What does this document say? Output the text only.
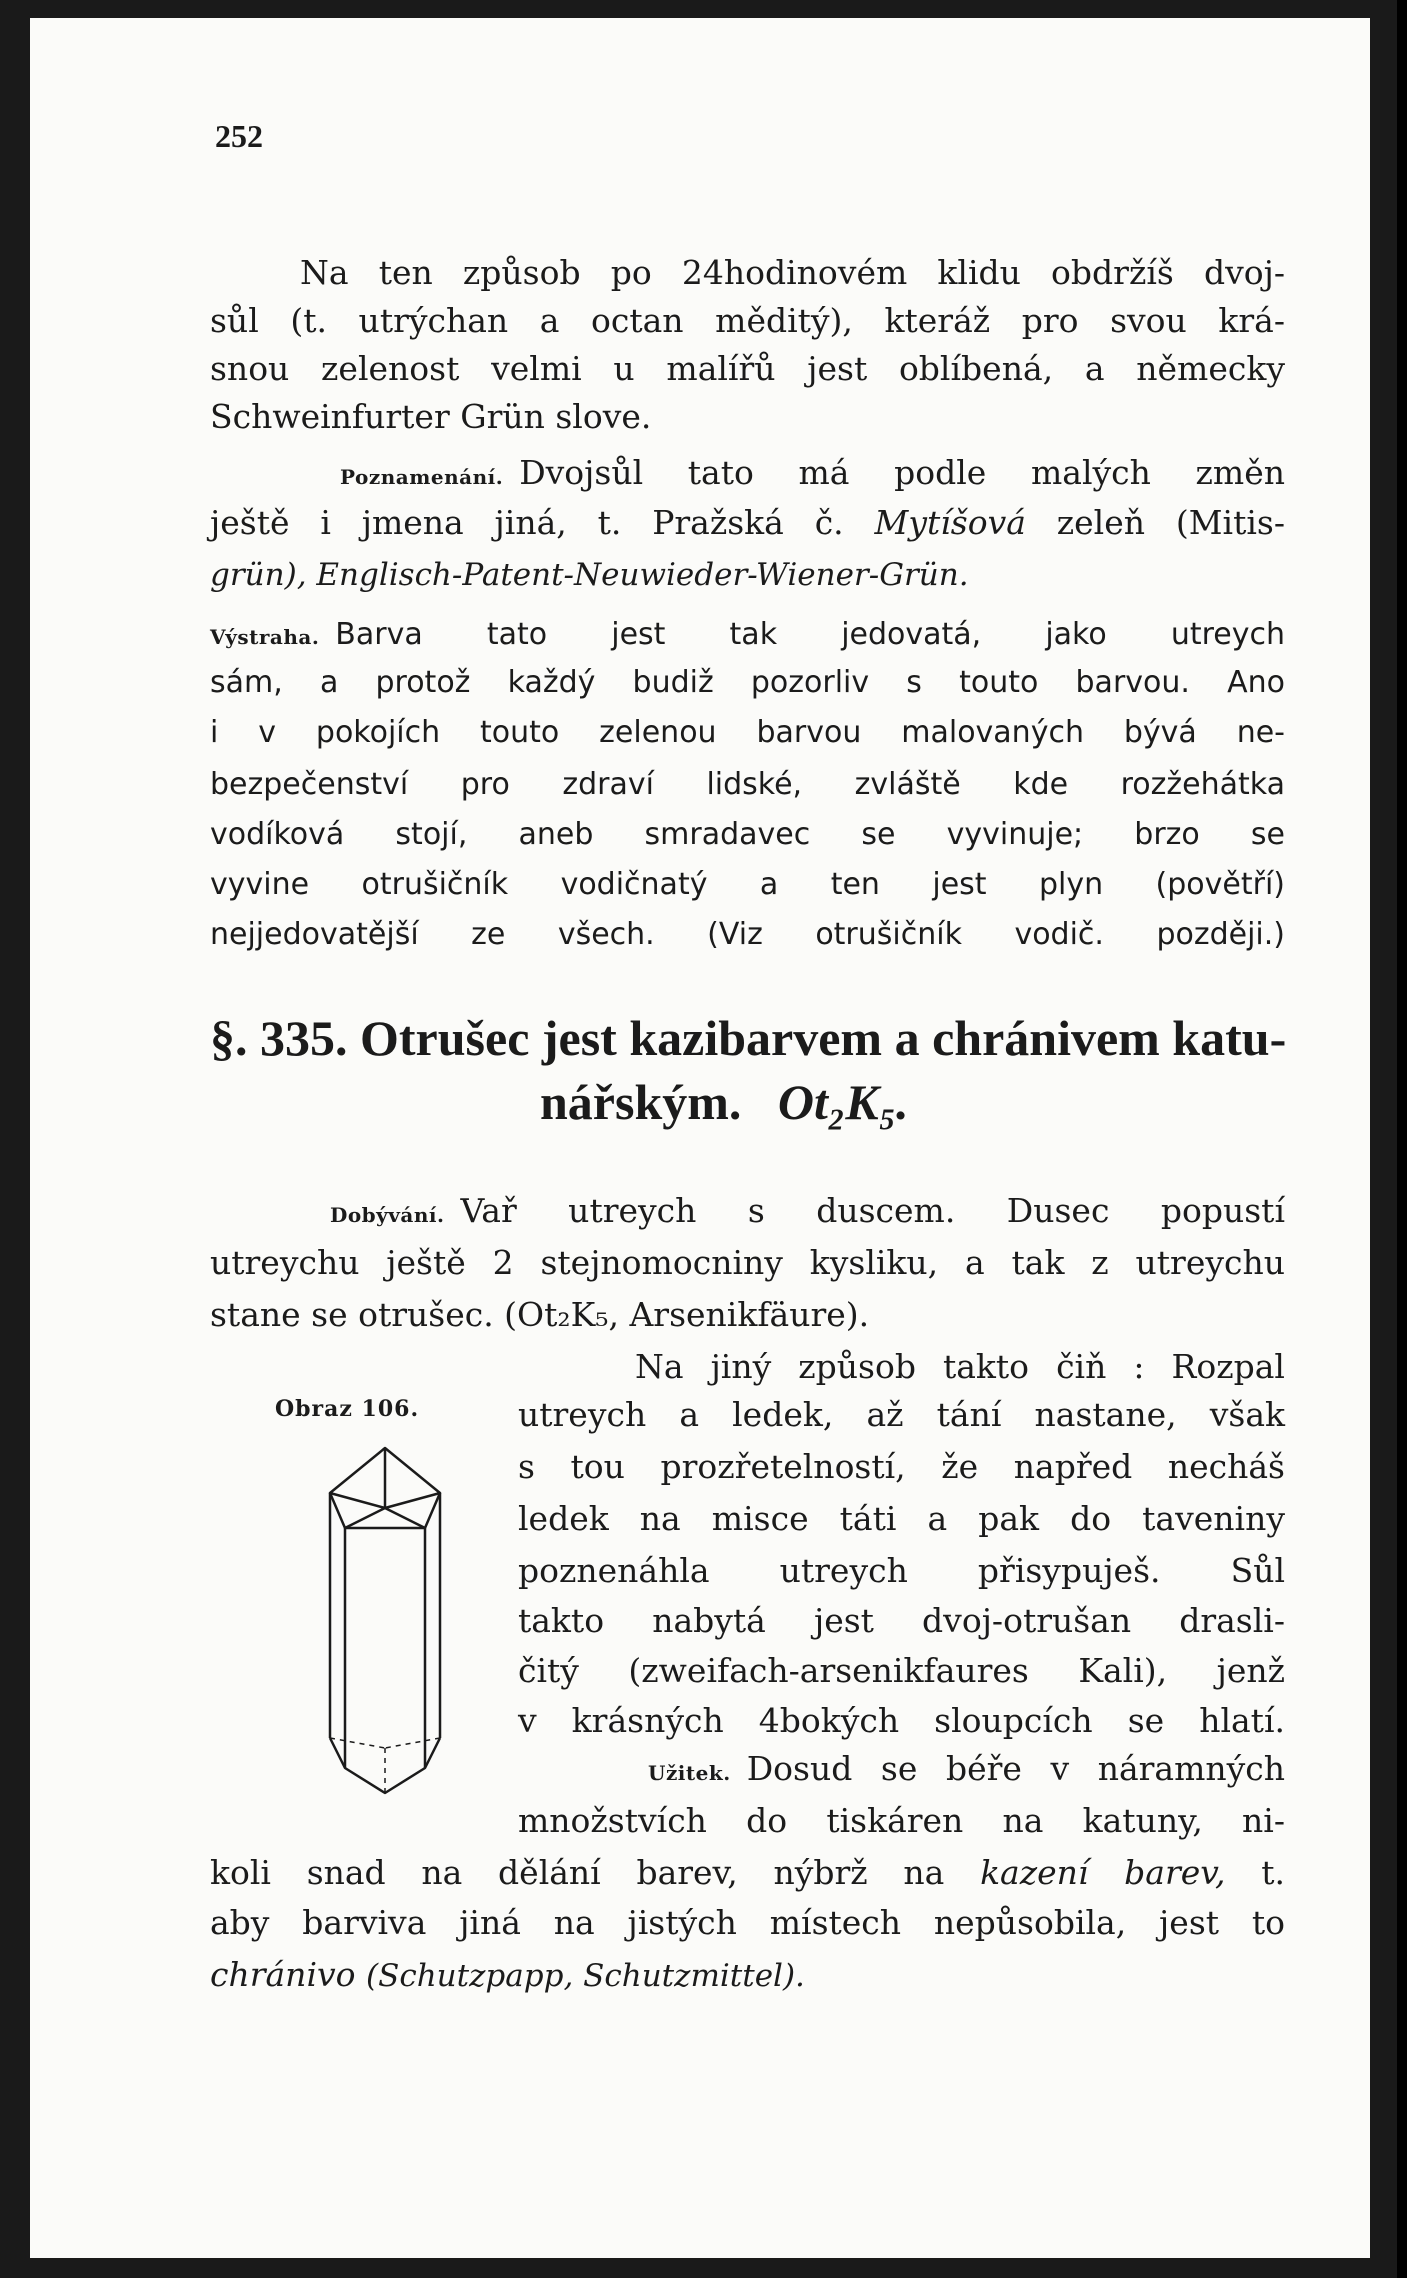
252

Na ten způsob po 24hodinovém klidu obdržíš dvoj-

sůl (t. utrýchan a octan měditý), kteráž pro svou krá-

snou zelenost velmi u malířů jest oblíbená, a německy

Schweinfurter Grün slove.

Poznamenání. Dvojsůl tato má podle malých změn

ještě i jmena jiná, t. Pražská č. Mytíšová zeleň (Mitis-

grün), Englisch-Patent-Neuwieder-Wiener-Grün.

Výstraha. Barva tato jest tak jedovatá, jako utreych

sám, a protož každý budiž pozorliv s touto barvou. Ano

i v pokojích touto zelenou barvou malovaných bývá ne-

bezpečenství pro zdraví lidské, zvláště kde rozžehátka

vodíková stojí, aneb smradavec se vyvinuje; brzo se

vyvine otrušičník vodičnatý a ten jest plyn (povětří)

nejjedovatější ze všech. (Viz otrušičník vodič. později.)

§. 335. Otrušec jest kazibarvem a chránivem katu-

nářským. Ot₂K₅.

Dobývání. Vař utreych s duscem. Dusec popustí

utreychu ještě 2 stejnomocniny kysliku, a tak z utreychu

stane se otrušec. (Ot₂K₅, Arsenikfäure).

Na jiný způsob takto čiň : Rozpal

Obraz 106.	utreych a ledek, až tání nastane, však

s tou prozřetelností, že napřed necháš

ledek na misce táti a pak do taveniny

poznenáhla utreych přisypuješ. Sůl

takto nabytá jest dvoj-otrušan drasli-

čitý (zweifach-arsenikfaures Kali), jenž

v krásných 4bokých sloupcích se hlatí.

Užitek. Dosud se béře v náramných

množstvích do tiskáren na katuny, ni-

koli snad na dělání barev, nýbrž na kazení barev, t.

aby barviva jiná na jistých místech nepůsobila, jest to

chránivo (Schutzpapp, Schutzmittel).
